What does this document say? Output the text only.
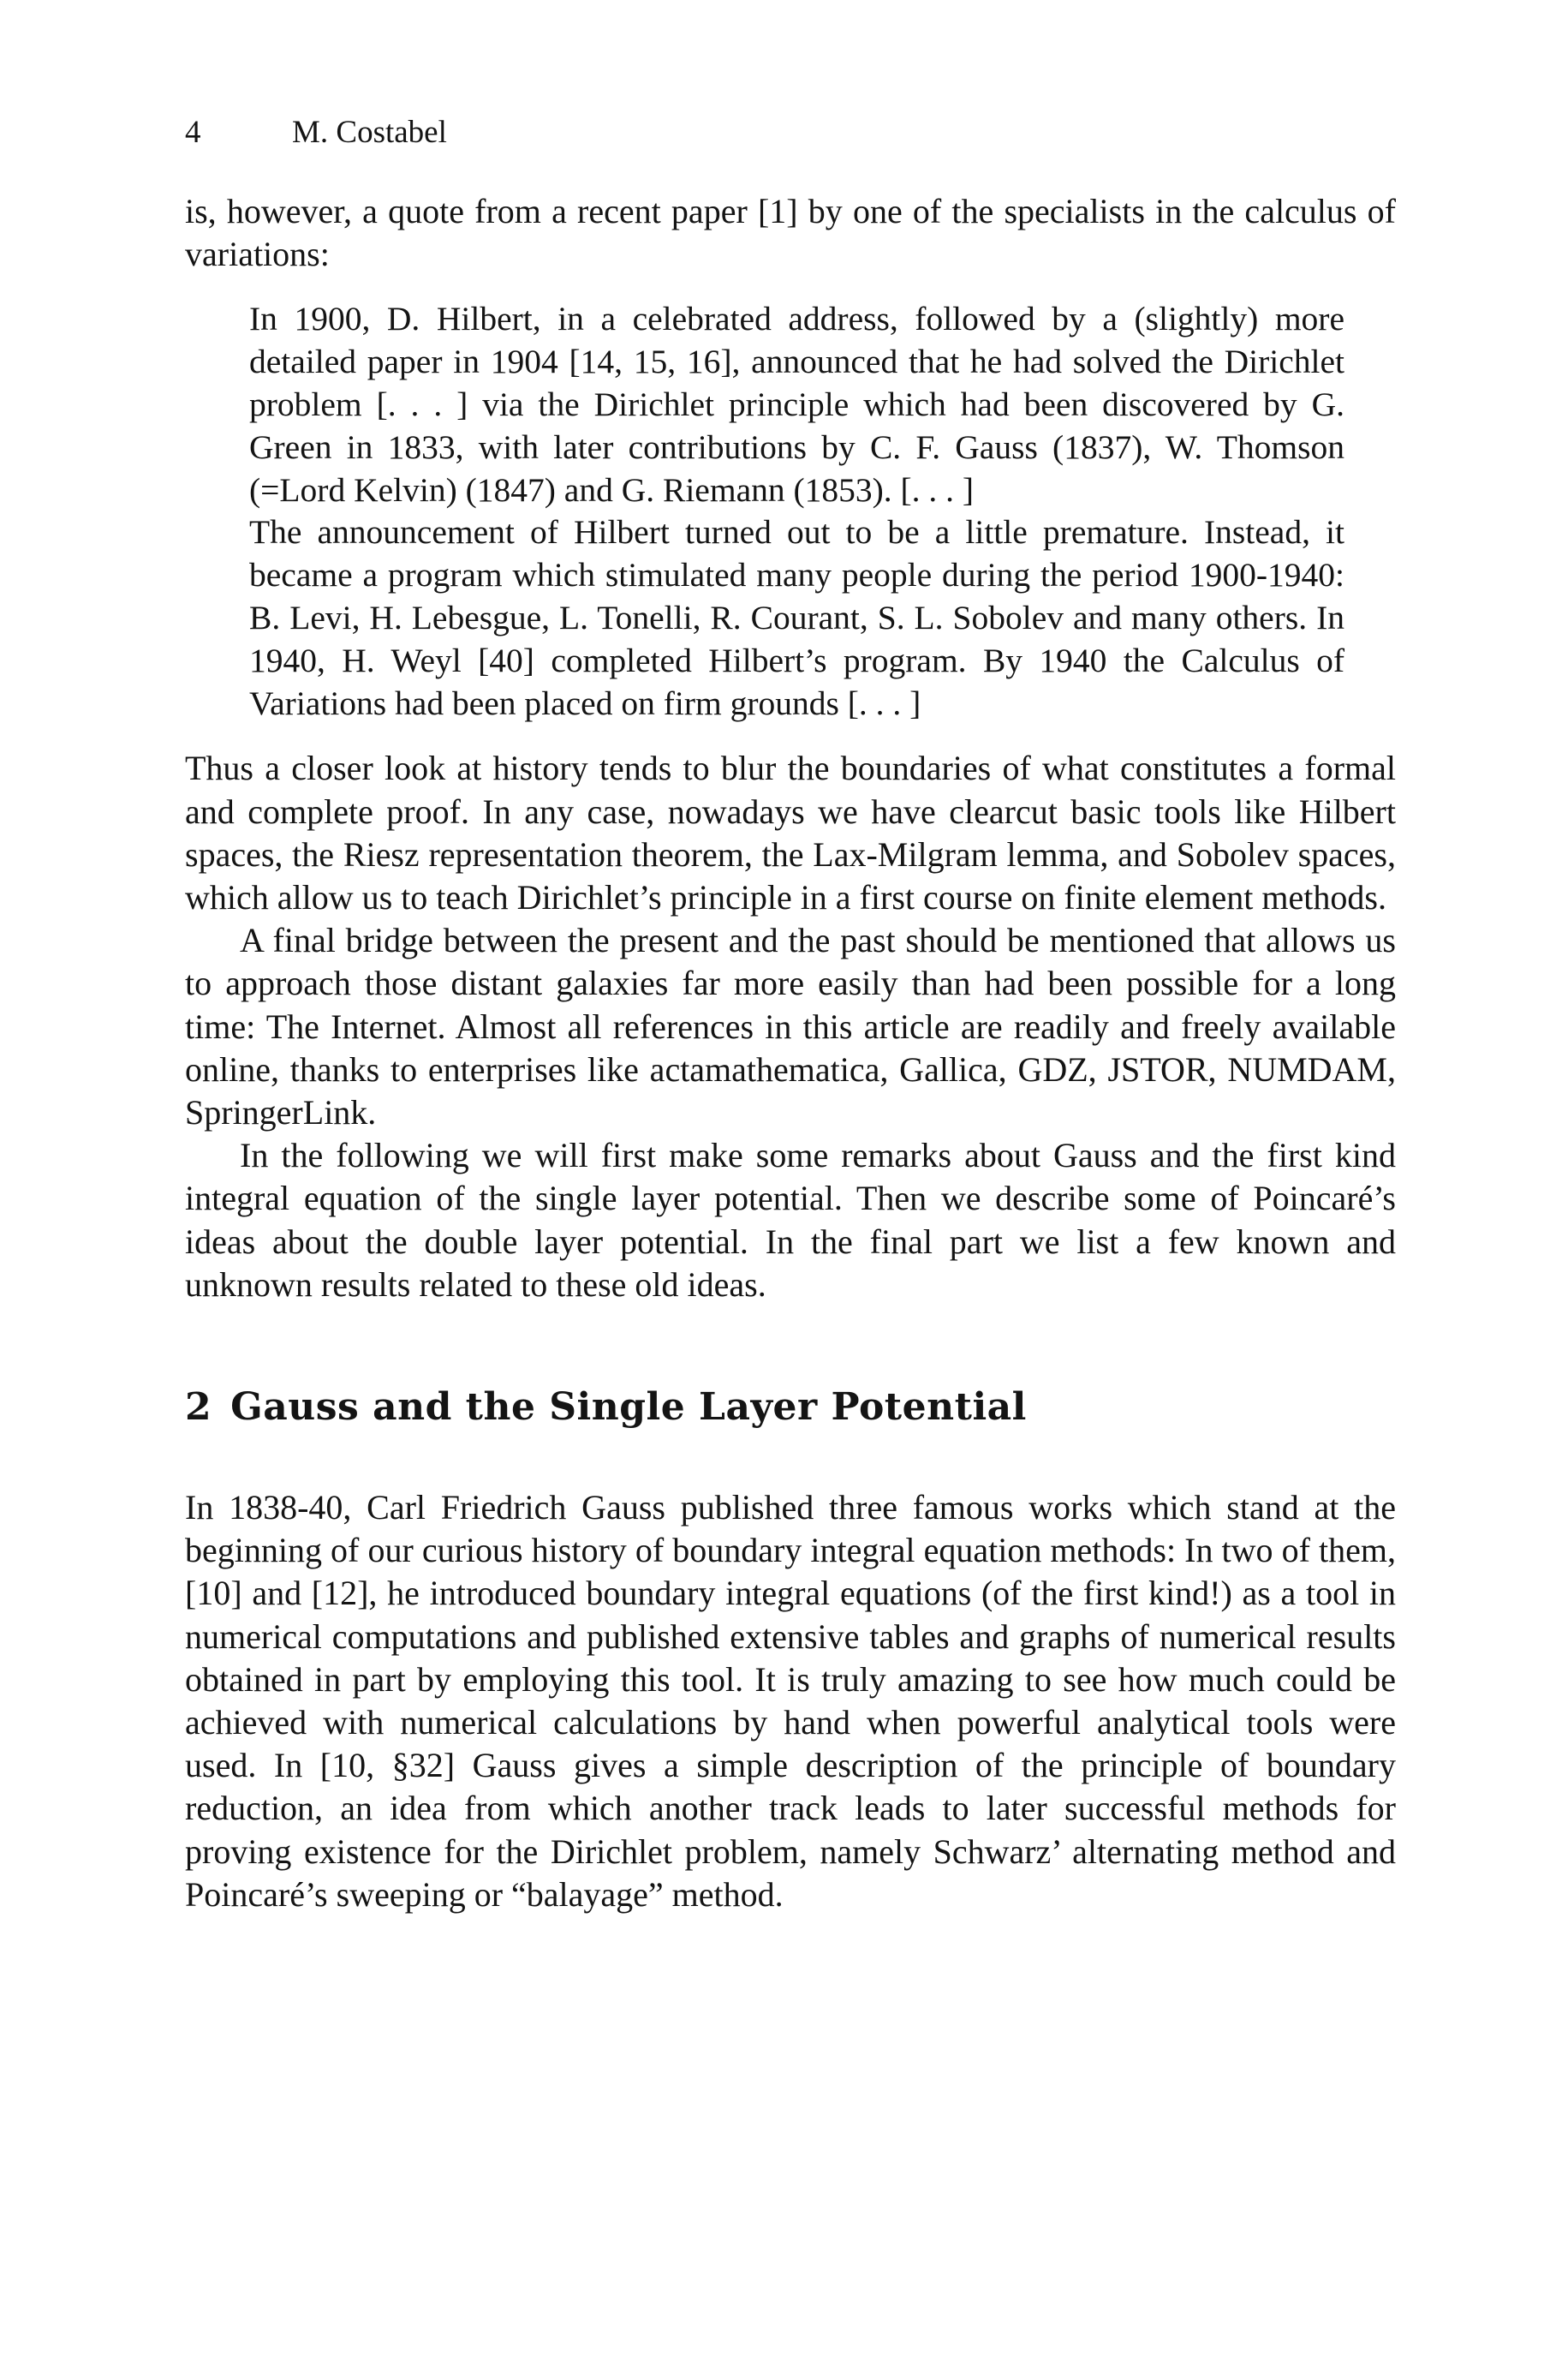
4	M. Costabel

is, however, a quote from a recent paper [1] by one of the specialists in the calculus of variations:

In 1900, D. Hilbert, in a celebrated address, followed by a (slightly) more detailed paper in 1904 [14, 15, 16], announced that he had solved the Dirichlet problem [. . . ] via the Dirichlet principle which had been discovered by G. Green in 1833, with later contributions by C. F. Gauss (1837), W. Thomson (=Lord Kelvin) (1847) and G. Riemann (1853). [. . . ]

The announcement of Hilbert turned out to be a little premature. Instead, it became a program which stimulated many people during the period 1900-1940: B. Levi, H. Lebesgue, L. Tonelli, R. Courant, S. L. Sobolev and many others. In 1940, H. Weyl [40] completed Hilbert’s program. By 1940 the Calculus of Variations had been placed on firm grounds [. . . ]

Thus a closer look at history tends to blur the boundaries of what constitutes a formal and complete proof. In any case, nowadays we have clearcut basic tools like Hilbert spaces, the Riesz representation theorem, the Lax-Milgram lemma, and Sobolev spaces, which allow us to teach Dirichlet’s principle in a first course on finite element methods.

A final bridge between the present and the past should be mentioned that allows us to approach those distant galaxies far more easily than had been possible for a long time: The Internet. Almost all references in this article are readily and freely available online, thanks to enterprises like actamathematica, Gallica, GDZ, JSTOR, NUMDAM, SpringerLink.

In the following we will first make some remarks about Gauss and the first kind integral equation of the single layer potential. Then we describe some of Poincaré’s ideas about the double layer potential. In the final part we list a few known and unknown results related to these old ideas.

2 Gauss and the Single Layer Potential

In 1838-40, Carl Friedrich Gauss published three famous works which stand at the beginning of our curious history of boundary integral equation methods: In two of them, [10] and [12], he introduced boundary integral equations (of the first kind!) as a tool in numerical computations and published extensive tables and graphs of numerical results obtained in part by employing this tool. It is truly amazing to see how much could be achieved with numerical calculations by hand when powerful analytical tools were used. In [10, §32] Gauss gives a simple description of the principle of boundary reduction, an idea from which another track leads to later successful methods for proving existence for the Dirichlet problem, namely Schwarz’ alternating method and Poincaré’s sweeping or “balayage” method.
